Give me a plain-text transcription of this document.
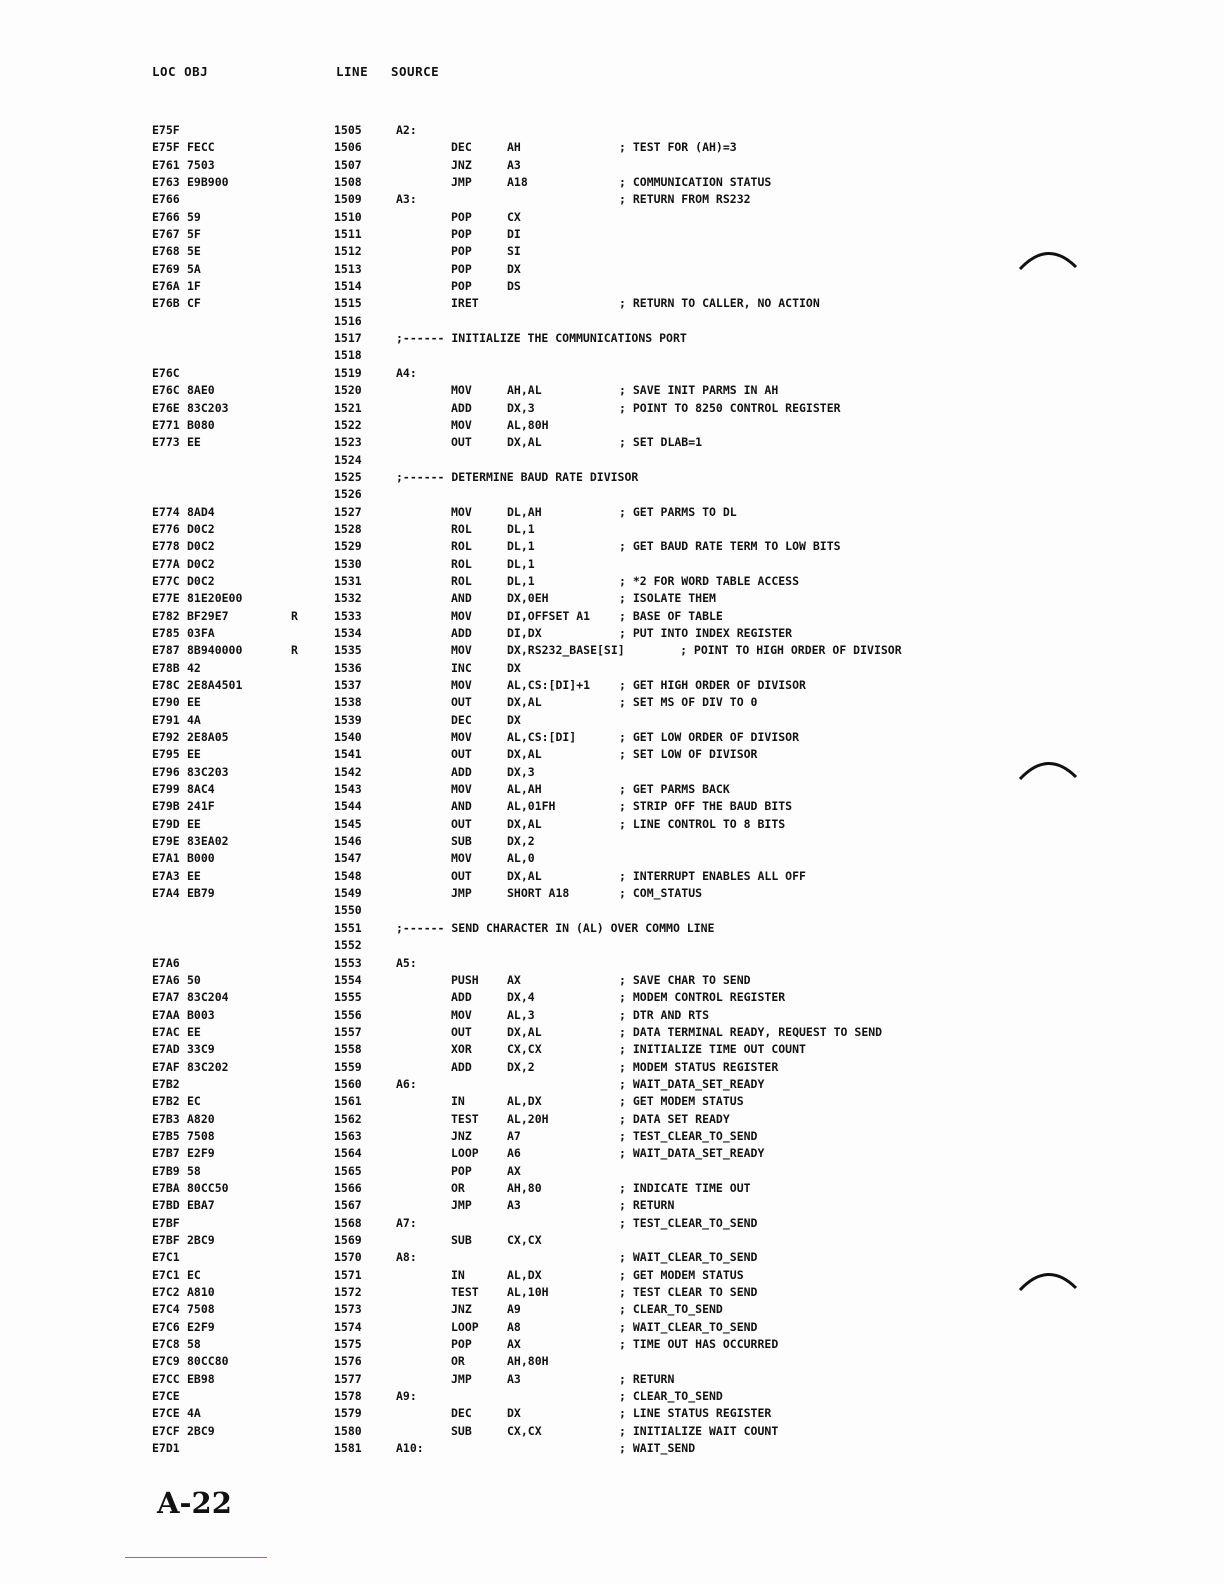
LOC OBJ	LINE SOURCE
E75F	1505	A2:
E75F FECC	1506	DEC	AH	; TEST FOR (AH)=3
E761 7503	1507	JNZ	A3
E763 E9B900	1508	JMP	A18	; COMMUNICATION STATUS
E766	1509	A3:	; RETURN FROM RS232
E766 59	1510	POP	CX
E767 5F	1511	POP	DI
E768 5E	1512	POP	SI
E769 5A	1513	POP	DX
E76A 1F	1514	POP	DS
E76B CF	1515	IRET	; RETURN TO CALLER, NO ACTION
1516
1517	;------ INITIALIZE THE COMMUNICATIONS PORT
1518
E76C	1519	A4:
E76C 8AE0	1520	MOV	AH,AL	; SAVE INIT PARMS IN AH
E76E 83C203	1521	ADD	DX,3	; POINT TO 8250 CONTROL REGISTER
E771 B080	1522	MOV	AL,80H
E773 EE	1523	OUT	DX,AL	; SET DLAB=1
1524
1525	;------ DETERMINE BAUD RATE DIVISOR
1526
E774 8AD4	1527	MOV	DL,AH	; GET PARMS TO DL
E776 D0C2	1528	ROL	DL,1
E778 D0C2	1529	ROL	DL,1	; GET BAUD RATE TERM TO LOW BITS
E77A D0C2	1530	ROL	DL,1
E77C D0C2	1531	ROL	DL,1	; *2 FOR WORD TABLE ACCESS
E77E 81E20E00	1532	AND	DX,0EH	; ISOLATE THEM
E782 BF29E7	R	1533	MOV	DI,OFFSET A1	; BASE OF TABLE
E785 03FA	1534	ADD	DI,DX	; PUT INTO INDEX REGISTER
E787 8B940000	R	1535	MOV	DX,RS232_BASE[SI]        ; POINT TO HIGH ORDER OF DIVISOR
E78B 42	1536	INC	DX
E78C 2E8A4501	1537	MOV	AL,CS:[DI]+1	; GET HIGH ORDER OF DIVISOR
E790 EE	1538	OUT	DX,AL	; SET MS OF DIV TO 0
E791 4A	1539	DEC	DX
E792 2E8A05	1540	MOV	AL,CS:[DI]	; GET LOW ORDER OF DIVISOR
E795 EE	1541	OUT	DX,AL	; SET LOW OF DIVISOR
E796 83C203	1542	ADD	DX,3
E799 8AC4	1543	MOV	AL,AH	; GET PARMS BACK
E79B 241F	1544	AND	AL,01FH	; STRIP OFF THE BAUD BITS
E79D EE	1545	OUT	DX,AL	; LINE CONTROL TO 8 BITS
E79E 83EA02	1546	SUB	DX,2
E7A1 B000	1547	MOV	AL,0
E7A3 EE	1548	OUT	DX,AL	; INTERRUPT ENABLES ALL OFF
E7A4 EB79	1549	JMP	SHORT A18	; COM_STATUS
1550
1551	;------ SEND CHARACTER IN (AL) OVER COMMO LINE
1552
E7A6	1553	A5:
E7A6 50	1554	PUSH AX	; SAVE CHAR TO SEND
E7A7 83C204	1555	ADD	DX,4	; MODEM CONTROL REGISTER
E7AA B003	1556	MOV	AL,3	; DTR AND RTS
E7AC EE	1557	OUT	DX,AL	; DATA TERMINAL READY, REQUEST TO SEND
E7AD 33C9	1558	XOR	CX,CX	; INITIALIZE TIME OUT COUNT
E7AF 83C202	1559	ADD	DX,2	; MODEM STATUS REGISTER
E7B2	1560	A6:	; WAIT_DATA_SET_READY
E7B2 EC	1561	IN	AL,DX	; GET MODEM STATUS
E7B3 A820	1562	TEST AL,20H	; DATA SET READY
E7B5 7508	1563	JNZ	A7	; TEST_CLEAR_TO_SEND
E7B7 E2F9	1564	LOOP A6	; WAIT_DATA_SET_READY
E7B9 58	1565	POP	AX
E7BA 80CC50	1566	OR	AH,80	; INDICATE TIME OUT
E7BD EBA7	1567	JMP	A3	; RETURN
E7BF	1568	A7:	; TEST_CLEAR_TO_SEND
E7BF 2BC9	1569	SUB	CX,CX
E7C1	1570	A8:	; WAIT_CLEAR_TO_SEND
E7C1 EC	1571	IN	AL,DX	; GET MODEM STATUS
E7C2 A810	1572	TEST AL,10H	; TEST CLEAR TO SEND
E7C4 7508	1573	JNZ	A9	; CLEAR_TO_SEND
E7C6 E2F9	1574	LOOP A8	; WAIT_CLEAR_TO_SEND
E7C8 58	1575	POP	AX	; TIME OUT HAS OCCURRED
E7C9 80CC80	1576	OR	AH,80H
E7CC EB98	1577	JMP	A3	; RETURN
E7CE	1578	A9:	; CLEAR_TO_SEND
E7CE 4A	1579	DEC	DX	; LINE STATUS REGISTER
E7CF 2BC9	1580	SUB	CX,CX	; INITIALIZE WAIT COUNT
E7D1	1581	A10:	; WAIT_SEND
A-22
